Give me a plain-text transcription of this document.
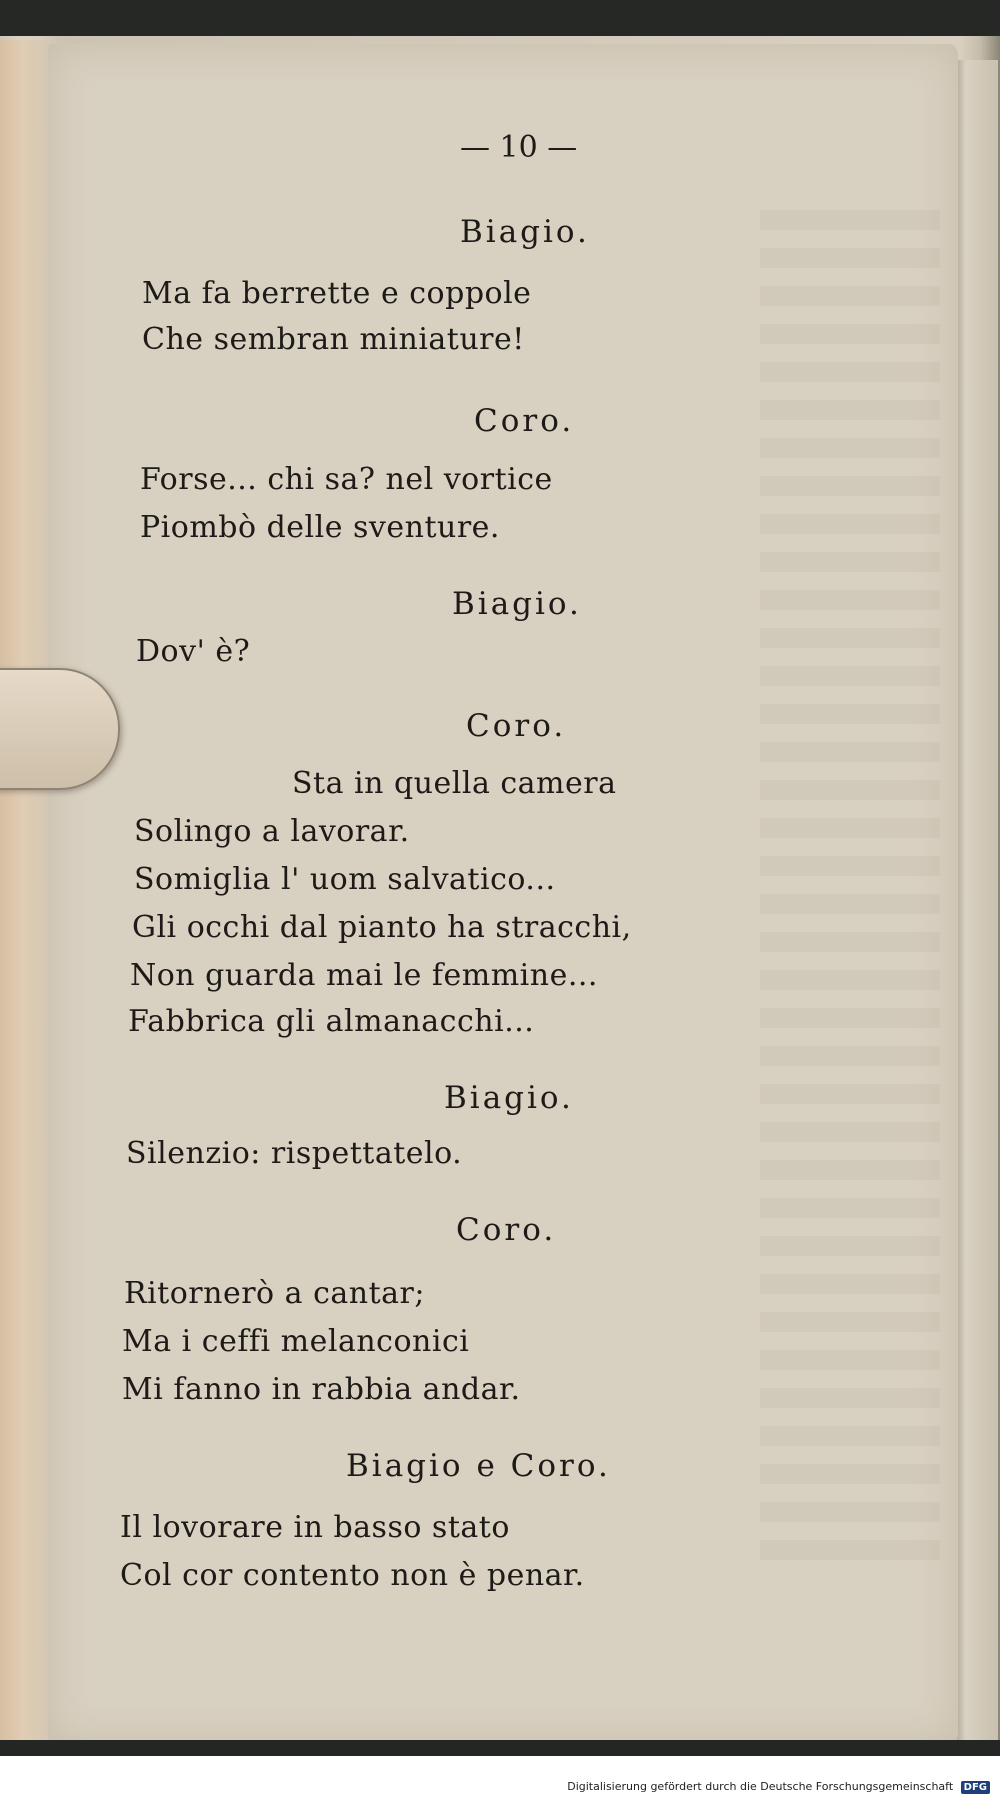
— 10 —

Biagio.

Ma fa berrette e coppole

Che sembran miniature!

Coro.

Forse... chi sa? nel vortice

Piombò delle sventure.

Biagio.

Dov' è?

Coro.

Sta in quella camera

Solingo a lavorar.

Somiglia l' uom salvatico...

Gli occhi dal pianto ha stracchi,

Non guarda mai le femmine...

Fabbrica gli almanacchi...

Biagio.

Silenzio: rispettatelo.

Coro.

Ritornerò a cantar;

Ma i ceffi melanconici

Mi fanno in rabbia andar.

Biagio e Coro.

Il lovorare in basso stato

Col cor contento non è penar.

Digitalisierung gefördert durch die Deutsche Forschungsgemeinschaft DFG
